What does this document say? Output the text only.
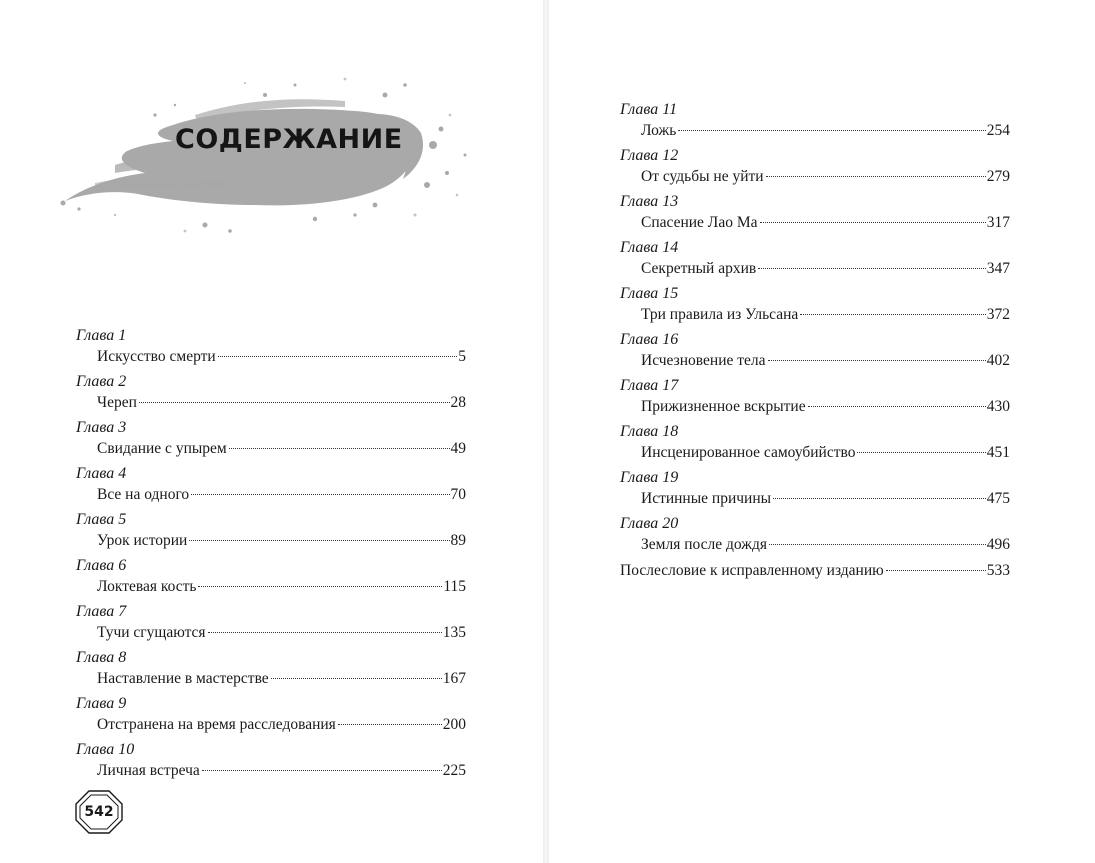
СОДЕРЖАНИЕ
Глава 1
Искусство смерти	5
Глава 2
Череп	28
Глава 3
Свидание с упырем	49
Глава 4
Все на одного	70
Глава 5
Урок истории	89
Глава 6
Локтевая кость	115
Глава 7
Тучи сгущаются	135
Глава 8
Наставление в мастерстве	167
Глава 9
Отстранена на время расследования	200
Глава 10
Личная встреча	225
542
Глава 11
Ложь	254
Глава 12
От судьбы не уйти	279
Глава 13
Спасение Лао Ма	317
Глава 14
Секретный архив	347
Глава 15
Три правила из Ульсана	372
Глава 16
Исчезновение тела	402
Глава 17
Прижизненное вскрытие	430
Глава 18
Инсценированное самоубийство	451
Глава 19
Истинные причины	475
Глава 20
Земля после дождя	496
Послесловие к исправленному изданию	533
